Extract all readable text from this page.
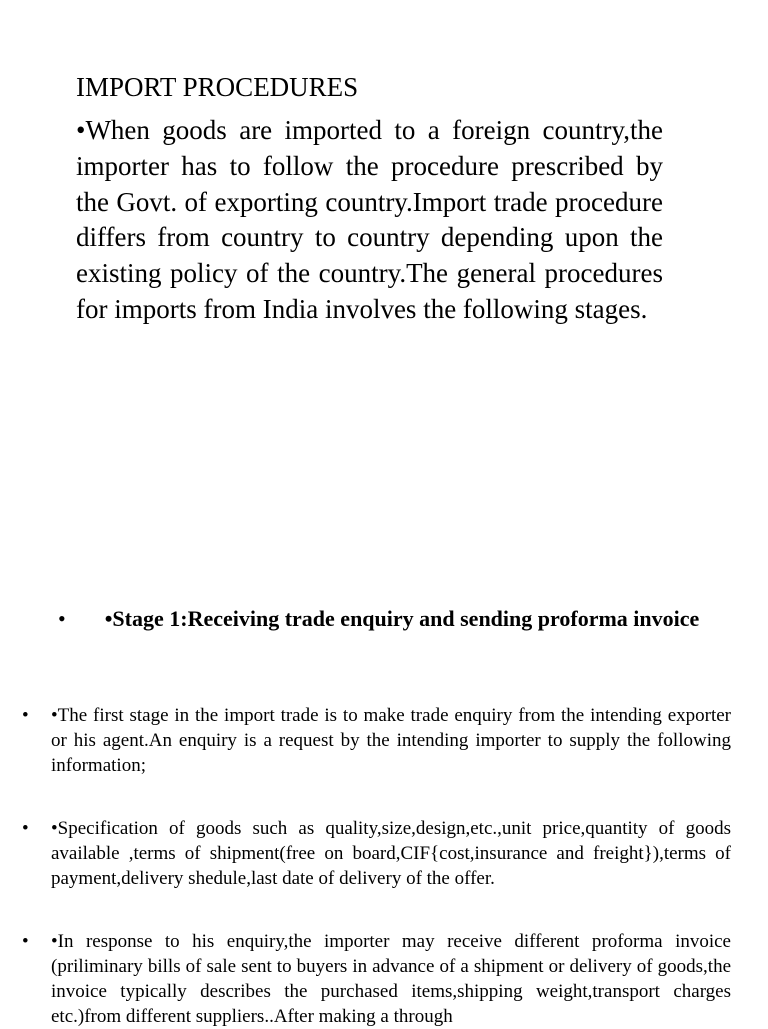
IMPORT PROCEDURES
•When goods are imported to a foreign country,the importer has to follow the procedure prescribed by the Govt. of exporting country.Import trade procedure differs from country to country depending upon the existing policy of the country.The general procedures for imports from India involves the following stages.
•	•Stage 1:Receiving trade enquiry and sending proforma invoice
• •The first stage in the import trade is to make trade enquiry from the intending exporter or his agent.An enquiry is a request by the intending importer to supply the following information;
• •Specification of goods such as quality,size,design,etc.,unit price,quantity of goods available ,terms of shipment(free on board,CIF{cost,insurance and freight}),terms of payment,delivery shedule,last date of delivery of the offer.
• •In response to his enquiry,the importer may receive different proforma invoice (priliminary bills of sale sent to buyers in advance of a shipment or delivery of goods,the invoice typically describes the purchased items,shipping weight,transport charges etc.)from different suppliers..After making a through
